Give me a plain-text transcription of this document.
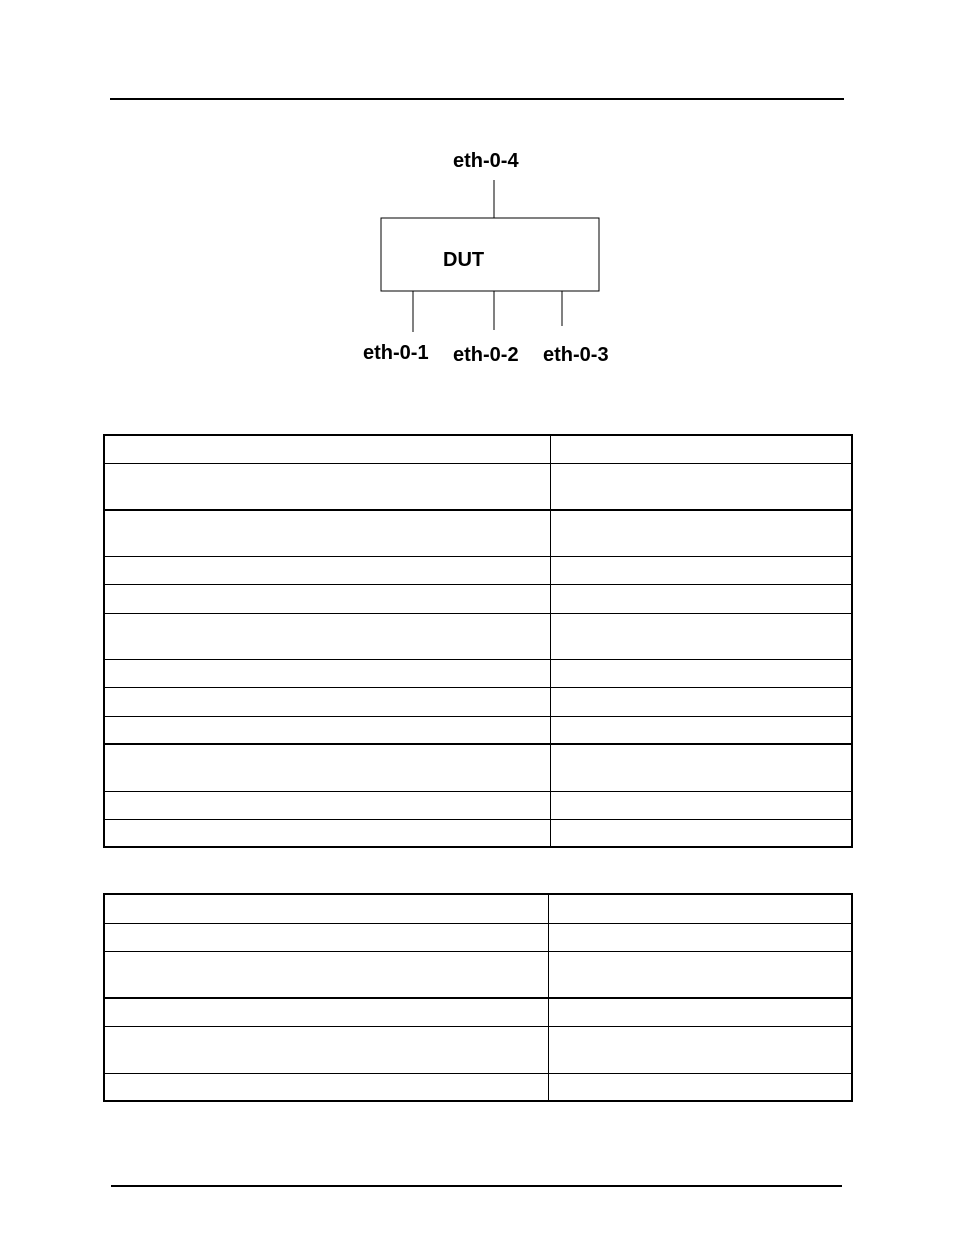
eth-0-4
DUT
eth-0-1 eth-0-2 eth-0-3
